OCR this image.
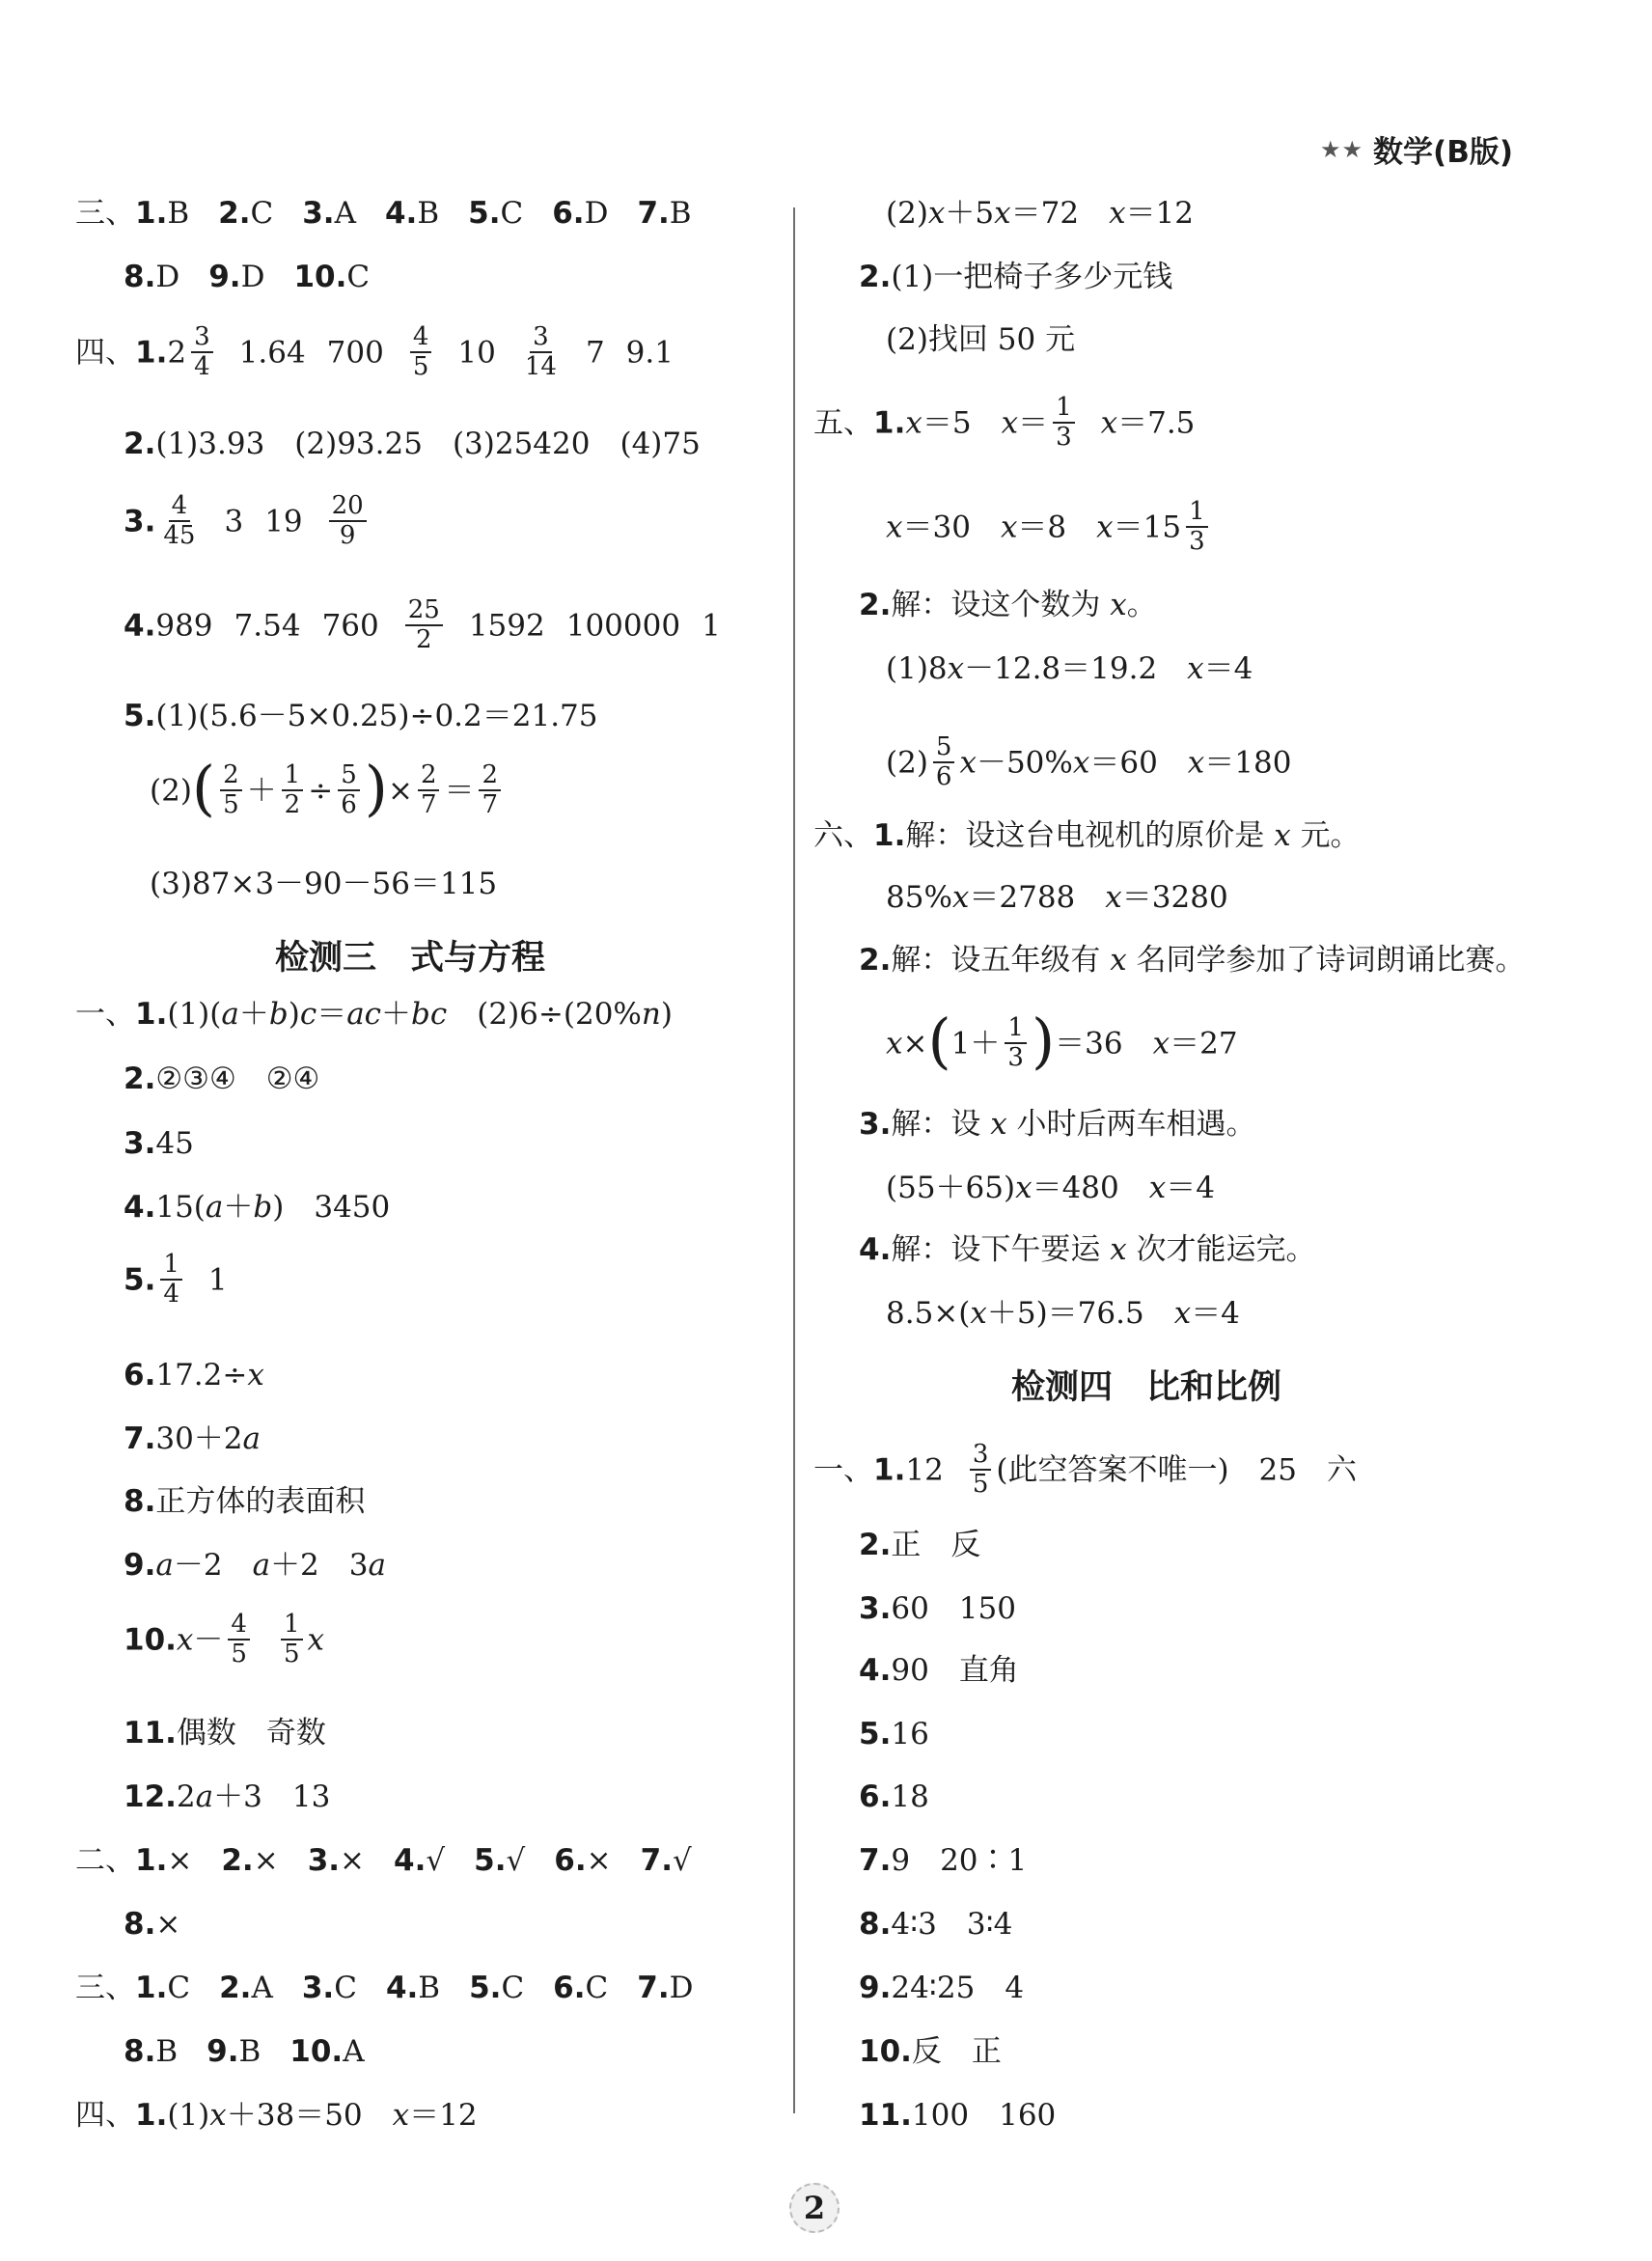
★★ 数学(B版)
三、1.B 2.C 3.A 4.B 5.C 6.D 7.B
8.D 9.D 10.C
四、$1.2 \frac{3}{4} 1.64$ $700 \frac{4}{5} 10 \frac{3}{14} 7$ 9.1
2.(1)3.93　(2)93.25　(3)25420　(4)75
3. $\frac{4}{45} 3$ $19 \frac{20}{9}$
4.989 7.54 $760 \frac{25}{2} 1592$ 100000 1
5.(1)(5.6－5×0.25)÷0.2＝21.75
$(2)( \frac{2}{5} + \frac{1}{2} \div \frac{5}{6}$ )× $\frac{2}{7} = \frac{2}{7}$
(3)87×3－90－56＝115
检测三　式与方程
一、1.(1)(a＋b)c＝ac＋bc　(2)6÷(20%n)
2.②③④　②④
3.45
4.15(a＋b)　3450
5. $\frac{1}{4} 1$
6.17.2÷x
7.30＋2a
8.正方体的表面积
9.a－2　a＋2　3a
$10.x- \frac{4}{5} \frac{1}{5}$ x
11.偶数　奇数
12.2a＋3　13
二、1.× 2.× 3.× 4.√ 5.√ 6.× 7.√
8.×
三、1.C 2.A 3.C 4.B 5.C 6.C 7.D
8.B 9.B 10.A
四、1.(1)x＋38＝50　x＝12
(2)x＋5x＝72　x＝12
2.(1)一把椅子多少元钱
(2)找回 50 元
五、1.x＝5　$x= \frac{1}{3} x=7.5$
x＝30　x＝8　$x=15 \frac{1}{3}$
2.解：设这个数为 x。
(1)8x－12.8＝19.2　x＝4
$(2) \frac{5}{6} x-50\%x=60$　x＝180
六、1.解：设这台电视机的原价是 x 元。
85%x＝2788　x＝3280
2.解：设五年级有 x 名同学参加了诗词朗诵比赛。
$x\times(1+ \frac{1}{3} )=36$　x＝27
3.解：设 x 小时后两车相遇。
(55＋65)x＝480　x＝4
4.解：设下午要运 x 次才能运完。
8.5×(x＋5)＝76.5　x＝4
检测四　比和比例
一、$1.12 \frac{3}{5}$ (此空答案不唯一)　25　六
2.正　反
3.60　150
4.90　直角
5.16
6.18
7.9　20∶1
8.4∶3　3∶4
9.24∶25　4
10.反　正
11.100　160
2
